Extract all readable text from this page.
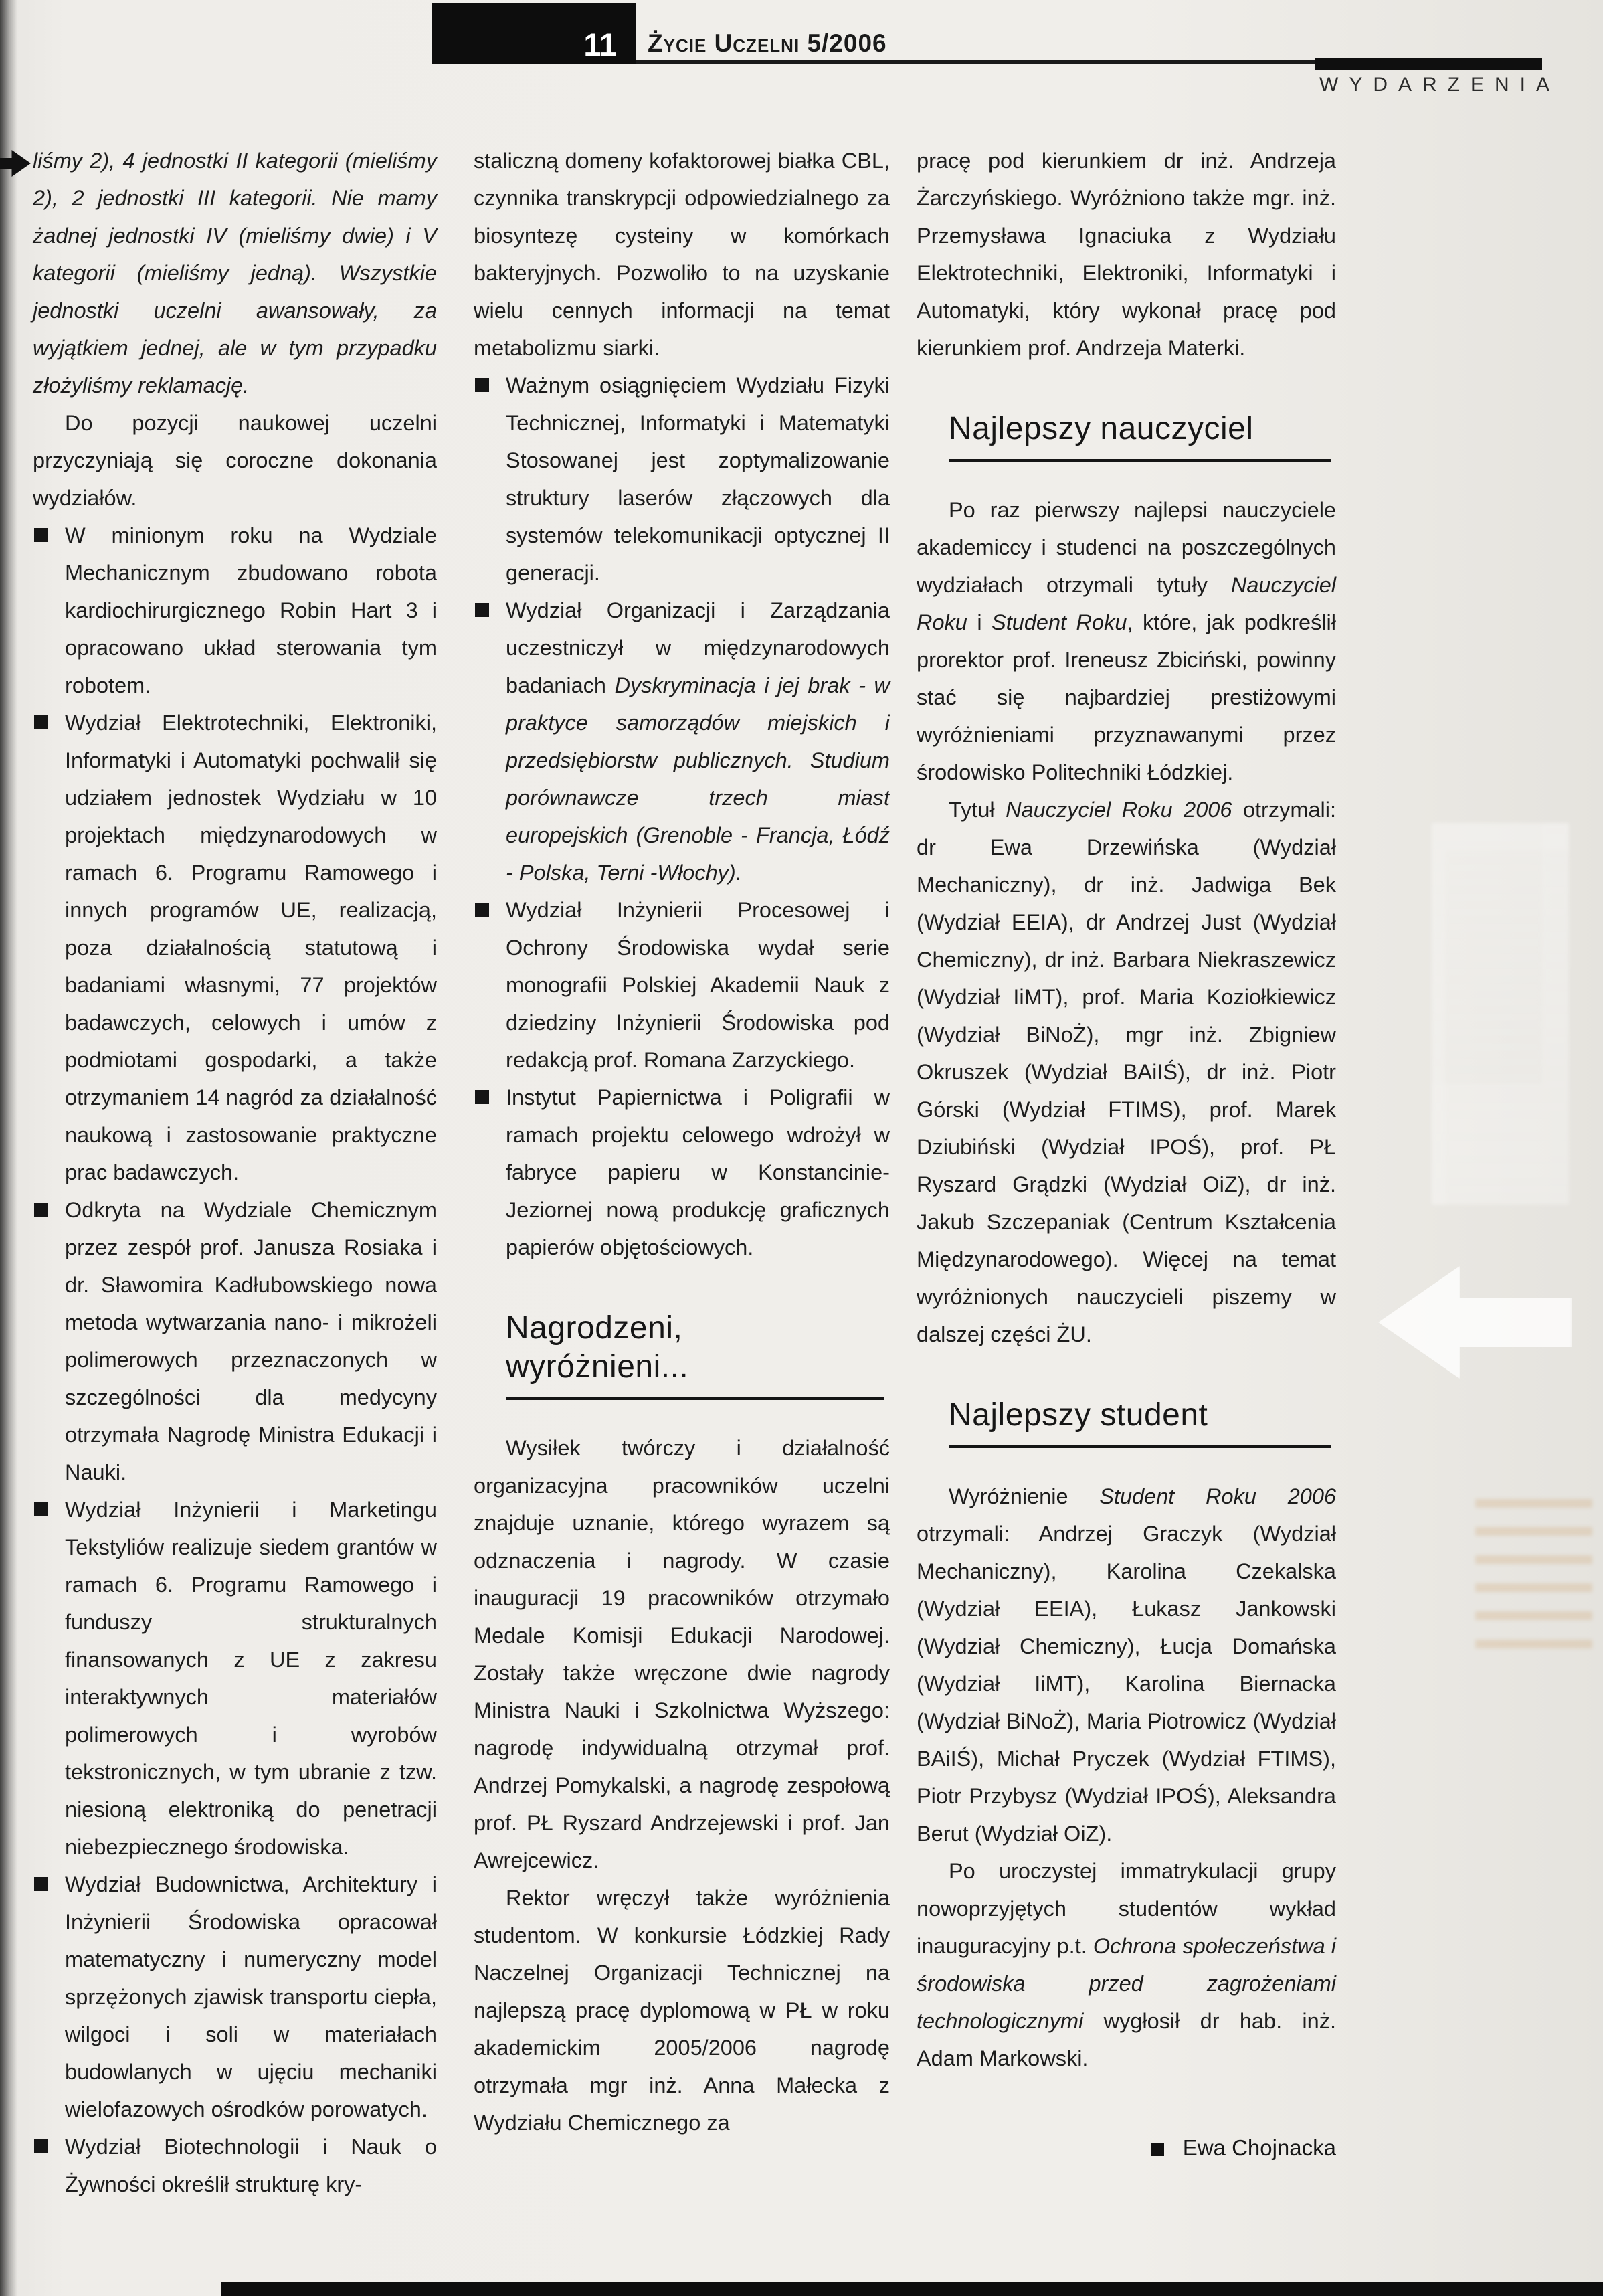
11 Życie Uczelni 5/2006
WYDARZENIA

liśmy 2), 4 jednostki II kategorii (mieliśmy 2), 2 jednostki III kategorii. Nie mamy żadnej jednostki IV (mieliśmy dwie) i V kategorii (mieliśmy jedną). Wszystkie jednostki uczelni awansowały, za wyjątkiem jednej, ale w tym przypadku złożyliśmy reklamację.

Do pozycji naukowej uczelni przyczyniają się coroczne dokonania wydziałów.

W minionym roku na Wydziale Mechanicznym zbudowano robota kardiochirurgicznego Robin Hart 3 i opracowano układ sterowania tym robotem.
Wydział Elektrotechniki, Elektroniki, Informatyki i Automatyki pochwalił się udziałem jednostek Wydziału w 10 projektach międzynarodowych w ramach 6. Programu Ramowego i innych programów UE, realizacją, poza działalnością statutową i badaniami własnymi, 77 projektów badawczych, celowych i umów z podmiotami gospodarki, a także otrzymaniem 14 nagród za działalność naukową i zastosowanie praktyczne prac badawczych.
Odkryta na Wydziale Chemicznym przez zespół prof. Janusza Rosiaka i dr. Sławomira Kadłubowskiego nowa metoda wytwarzania nano- i mikrożeli polimerowych przeznaczonych w szczególności dla medycyny otrzymała Nagrodę Ministra Edukacji i Nauki.
Wydział Inżynierii i Marketingu Tekstyliów realizuje siedem grantów w ramach 6. Programu Ramowego i funduszy strukturalnych finansowanych z UE z zakresu interaktywnych materiałów polimerowych i wyrobów tekstronicznych, w tym ubranie z tzw. niesioną elektroniką do penetracji niebezpiecznego środowiska.
Wydział Budownictwa, Architektury i Inżynierii Środowiska opracował matematyczny i numeryczny model sprzężonych zjawisk transportu ciepła, wilgoci i soli w materiałach budowlanych w ujęciu mechaniki wielofazowych ośrodków porowatych.
Wydział Biotechnologii i Nauk o Żywności określił strukturę kry-

staliczną domeny kofaktorowej białka CBL, czynnika transkrypcji odpowiedzialnego za biosyntezę cysteiny w komórkach bakteryjnych. Pozwoliło to na uzyskanie wielu cennych informacji na temat metabolizmu siarki.

Ważnym osiągnięciem Wydziału Fizyki Technicznej, Informatyki i Matematyki Stosowanej jest zoptymalizowanie struktury laserów złączowych dla systemów telekomunikacji optycznej II generacji.
Wydział Organizacji i Zarządzania uczestniczył w międzynarodowych badaniach Dyskryminacja i jej brak - w praktyce samorządów miejskich i przedsiębiorstw publicznych. Studium porównawcze trzech miast europejskich (Grenoble - Francja, Łódź - Polska, Terni -Włochy).
Wydział Inżynierii Procesowej i Ochrony Środowiska wydał serie monografii Polskiej Akademii Nauk z dziedziny Inżynierii Środowiska pod redakcją prof. Romana Zarzyckiego.
Instytut Papiernictwa i Poligrafii w ramach projektu celowego wdrożył w fabryce papieru w Konstancinie-Jeziornej nową produkcję graficznych papierów objętościowych.
Nagrodzeni,
wyróżnieni...

Wysiłek twórczy i działalność organizacyjna pracowników uczelni znajduje uznanie, którego wyrazem są odznaczenia i nagrody. W czasie inauguracji 19 pracowników otrzymało Medale Komisji Edukacji Narodowej. Zostały także wręczone dwie nagrody Ministra Nauki i Szkolnictwa Wyższego: nagrodę indywidualną otrzymał prof. Andrzej Pomykalski, a nagrodę zespołową prof. PŁ Ryszard Andrzejewski i prof. Jan Awrejcewicz.

Rektor wręczył także wyróżnienia studentom. W konkursie Łódzkiej Rady Naczelnej Organizacji Technicznej na najlepszą pracę dyplomową w PŁ w roku akademickim 2005/2006 nagrodę otrzymała mgr inż. Anna Małecka z Wydziału Chemicznego za

pracę pod kierunkiem dr inż. Andrzeja Żarczyńskiego. Wyróżniono także mgr. inż. Przemysława Ignaciuka z Wydziału Elektrotechniki, Elektroniki, Informatyki i Automatyki, który wykonał pracę pod kierunkiem prof. Andrzeja Materki.

Najlepszy nauczyciel

Po raz pierwszy najlepsi nauczyciele akademiccy i studenci na poszczególnych wydziałach otrzymali tytuły Nauczyciel Roku i Student Roku, które, jak podkreślił prorektor prof. Ireneusz Zbiciński, powinny stać się najbardziej prestiżowymi wyróżnieniami przyznawanymi przez środowisko Politechniki Łódzkiej.

Tytuł Nauczyciel Roku 2006 otrzymali: dr Ewa Drzewińska (Wydział Mechaniczny), dr inż. Jadwiga Bek (Wydział EEIA), dr Andrzej Just (Wydział Chemiczny), dr inż. Barbara Niekraszewicz (Wydział IiMT), prof. Maria Koziołkiewicz (Wydział BiNoŻ), mgr inż. Zbigniew Okruszek (Wydział BAiIŚ), dr inż. Piotr Górski (Wydział FTIMS), prof. Marek Dziubiński (Wydział IPOŚ), prof. PŁ Ryszard Grądzki (Wydział OiZ), dr inż. Jakub Szczepaniak (Centrum Kształcenia Międzynarodowego). Więcej na temat wyróżnionych nauczycieli piszemy w dalszej części ŻU.

Najlepszy student

Wyróżnienie Student Roku 2006 otrzymali: Andrzej Graczyk (Wydział Mechaniczny), Karolina Czekalska (Wydział EEIA), Łukasz Jankowski (Wydział Chemiczny), Łucja Domańska (Wydział IiMT), Karolina Biernacka (Wydział BiNoŻ), Maria Piotrowicz (Wydział BAiIŚ), Michał Pryczek (Wydział FTIMS), Piotr Przybysz (Wydział IPOŚ), Aleksandra Berut (Wydział OiZ).

Po uroczystej immatrykulacji grupy nowoprzyjętych studentów wykład inauguracyjny p.t. Ochrona społeczeństwa i środowiska przed zagrożeniami technologicznymi wygłosił dr hab. inż. Adam Markowski.

Ewa Chojnacka
